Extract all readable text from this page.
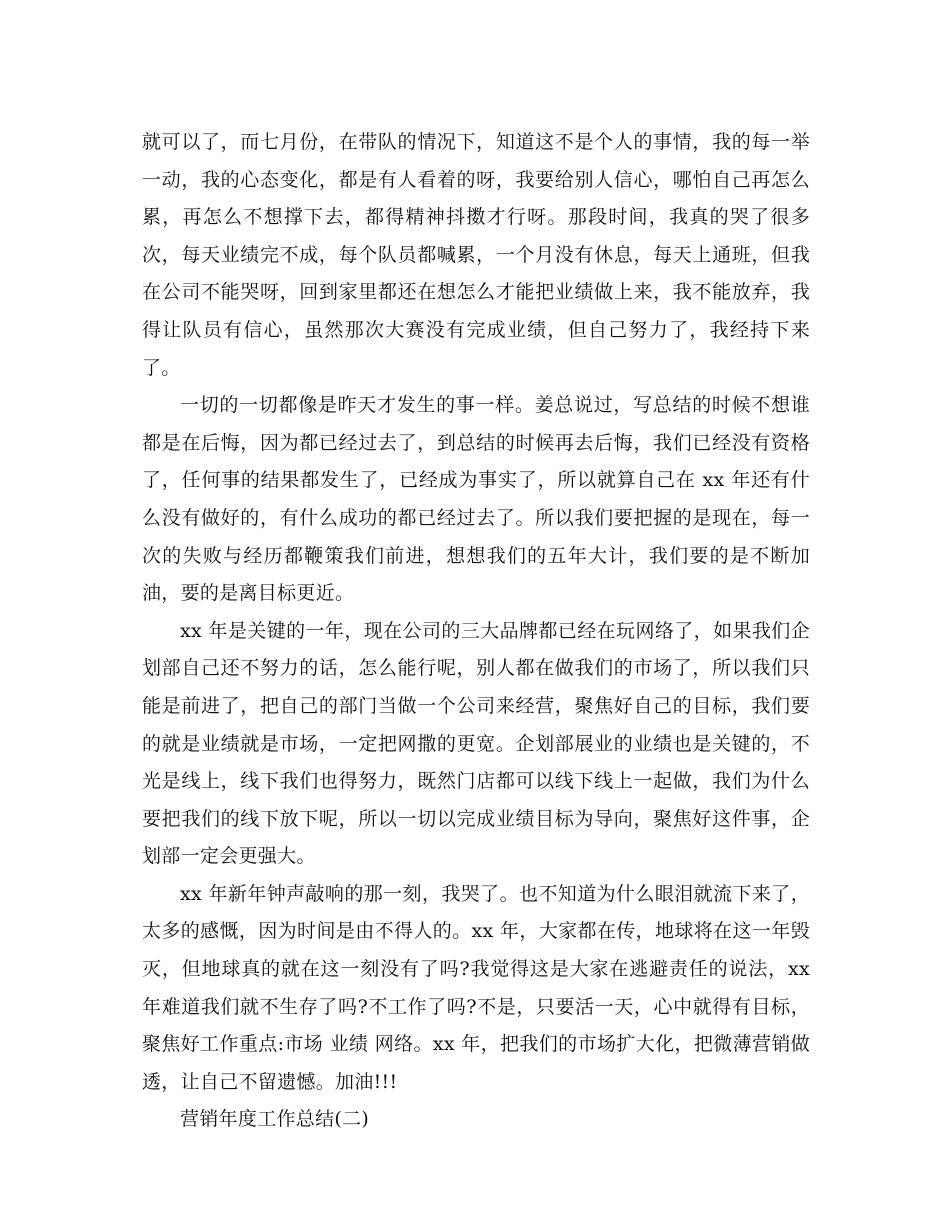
就可以了，而七月份，在带队的情况下，知道这不是个人的事情，我的每一举一动，我的心态变化，都是有人看着的呀，我要给别人信心，哪怕自己再怎么累，再怎么不想撑下去，都得精神抖擞才行呀。那段时间，我真的哭了很多次，每天业绩完不成，每个队员都喊累，一个月没有休息，每天上通班，但我在公司不能哭呀，回到家里都还在想怎么才能把业绩做上来，我不能放弃，我得让队员有信心，虽然那次大赛没有完成业绩，但自己努力了，我经持下来了。

一切的一切都像是昨天才发生的事一样。姜总说过，写总结的时候不想谁都是在后悔，因为都已经过去了，到总结的时候再去后悔，我们已经没有资格了，任何事的结果都发生了，已经成为事实了，所以就算自己在 xx 年还有什么没有做好的，有什么成功的都已经过去了。所以我们要把握的是现在，每一次的失败与经历都鞭策我们前进，想想我们的五年大计，我们要的是不断加油，要的是离目标更近。

xx 年是关键的一年，现在公司的三大品牌都已经在玩网络了，如果我们企划部自己还不努力的话，怎么能行呢，别人都在做我们的市场了，所以我们只能是前进了，把自己的部门当做一个公司来经营，聚焦好自己的目标，我们要的就是业绩就是市场，一定把网撒的更宽。企划部展业的业绩也是关键的，不光是线上，线下我们也得努力，既然门店都可以线下线上一起做，我们为什么要把我们的线下放下呢，所以一切以完成业绩目标为导向，聚焦好这件事，企划部一定会更强大。

xx 年新年钟声敲响的那一刻，我哭了。也不知道为什么眼泪就流下来了，太多的感慨，因为时间是由不得人的。xx 年，大家都在传，地球将在这一年毁灭，但地球真的就在这一刻没有了吗?我觉得这是大家在逃避责任的说法，xx 年难道我们就不生存了吗?不工作了吗?不是，只要活一天，心中就得有目标，聚焦好工作重点:市场 业绩 网络。xx 年，把我们的市场扩大化，把微薄营销做透，让自己不留遗憾。加油!!!

营销年度工作总结(二)
